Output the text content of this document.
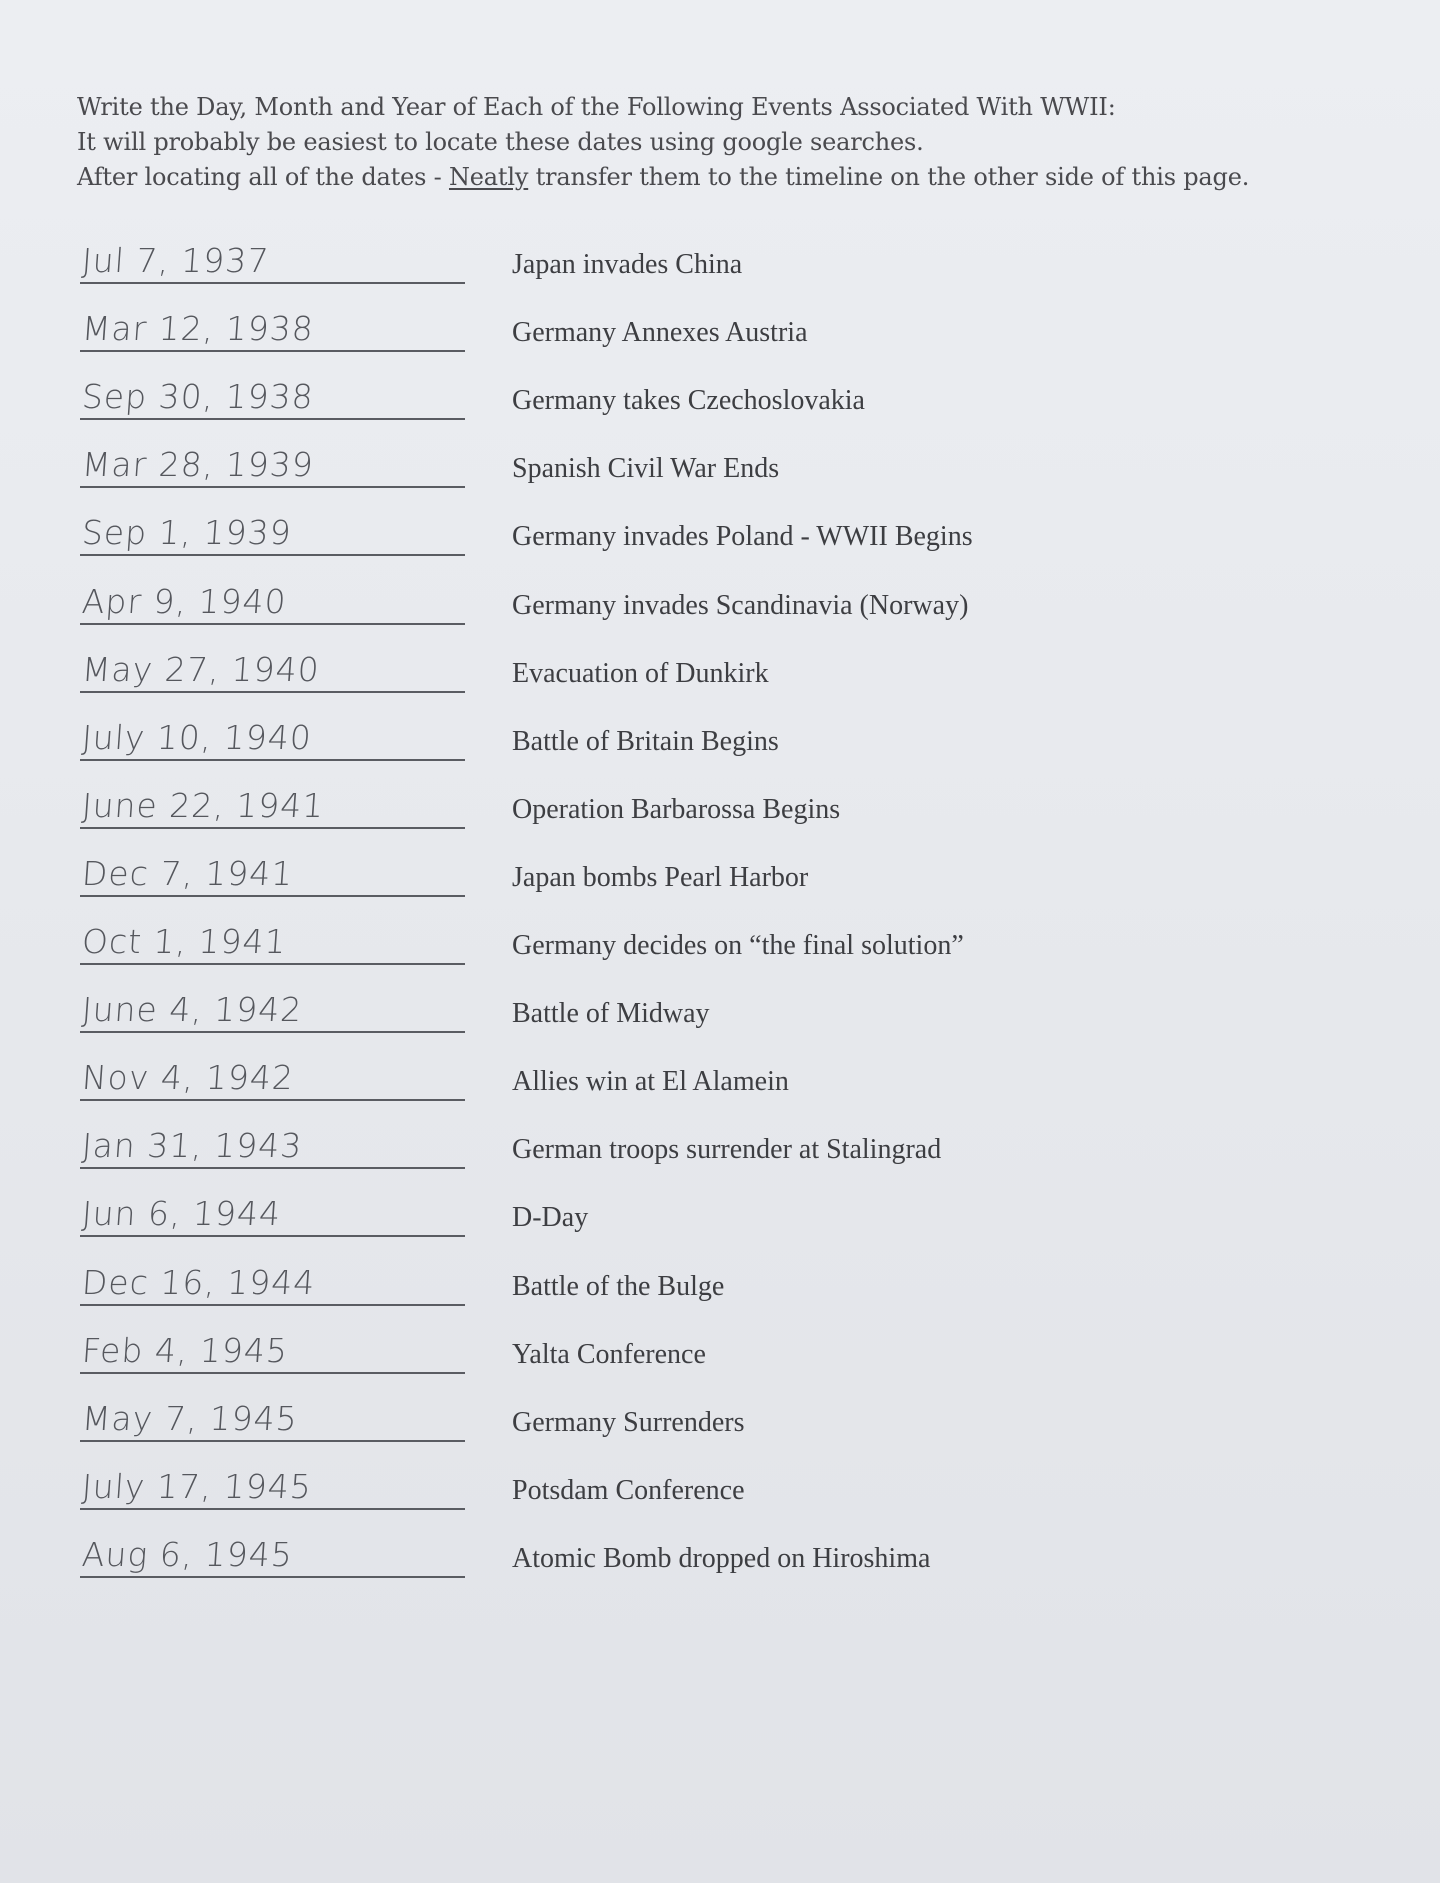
Write the Day, Month and Year of Each of the Following Events Associated With WWII:
It will probably be easiest to locate these dates using google searches.
After locating all of the dates - Neatly transfer them to the timeline on the other side of this page.
Jul 7, 1937	Japan invades China
Mar 12, 1938	Germany Annexes Austria
Sep 30, 1938	Germany takes Czechoslovakia
Mar 28, 1939	Spanish Civil War Ends
Sep 1, 1939	Germany invades Poland - WWII Begins
Apr 9, 1940	Germany invades Scandinavia (Norway)
May 27, 1940	Evacuation of Dunkirk
July 10, 1940	Battle of Britain Begins
June 22, 1941	Operation Barbarossa Begins
Dec 7, 1941	Japan bombs Pearl Harbor
Oct 1, 1941	Germany decides on “the final solution”
June 4, 1942	Battle of Midway
Nov 4, 1942	Allies win at El Alamein
Jan 31, 1943	German troops surrender at Stalingrad
Jun 6, 1944	D-Day
Dec 16, 1944	Battle of the Bulge
Feb 4, 1945	Yalta Conference
May 7, 1945	Germany Surrenders
July 17, 1945	Potsdam Conference
Aug 6, 1945	Atomic Bomb dropped on Hiroshima
